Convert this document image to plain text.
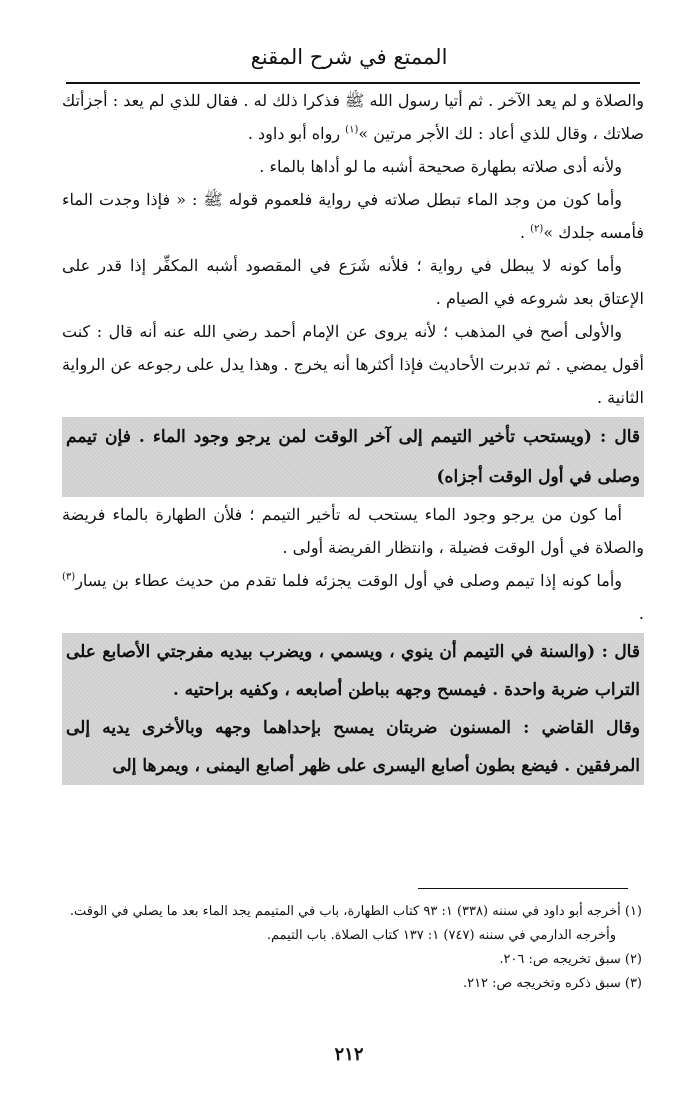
الممتع في شرح المقنع

والصلاة و لم يعد الآخر . ثم أتيا رسول الله ﷺ فذكرا ذلك له . فقال للذي لم يعد : أجزأتك صلاتك ، وقال للذي أعاد : لك الأجر مرتين »$^{(١)}$ رواه أبو داود .

ولأنه أدى صلاته بطهارة صحيحة أشبه ما لو أداها بالماء .

وأما كون من وجد الماء تبطل صلاته في رواية فلعموم قوله ﷺ : « فإذا وجدت الماء فأمسه جلدك »$^{(٢)}$ .

وأما كونه لا يبطل في رواية ؛ فلأنه شَرَع في المقصود أشبه المكفِّر إذا قدر على الإعتاق بعد شروعه في الصيام .

والأولى أصح في المذهب ؛ لأنه يروى عن الإمام أحمد رضي الله عنه أنه قال : كنت أقول يمضي . ثم تدبرت الأحاديث فإذا أكثرها أنه يخرج . وهذا يدل على رجوعه عن الرواية الثانية .

قال : (ويستحب تأخير التيمم إلى آخر الوقت لمن يرجو وجود الماء . فإن تيمم وصلى في أول الوقت أجزاه)

أما كون من يرجو وجود الماء يستحب له تأخير التيمم ؛ فلأن الطهارة بالماء فريضة والصلاة في أول الوقت فضيلة ، وانتظار الفريضة أولى .

وأما كونه إذا تيمم وصلى في أول الوقت يجزئه فلما تقدم من حديث عطاء بن يسار$^{(٣)}$ .

قال : (والسنة في التيمم أن ينوي ، ويسمي ، ويضرب بيديه مفرجتي الأصابع على التراب ضربة واحدة . فيمسح وجهه بباطن أصابعه ، وكفيه براحتيه .
وقال القاضي : المسنون ضربتان يمسح بإحداهما وجهه وبالأخرى يديه إلى المرفقين . فيضع بطون أصابع اليسرى على ظهر أصابع اليمنى ، ويمرها إلى

(١) أخرجه أبو داود في سننه (٣٣٨) ١: ٩٣ كتاب الطهارة، باب في المتيمم يجد الماء بعد ما يصلي في الوقت.

وأخرجه الدارمي في سننه (٧٤٧) ١: ١٣٧ كتاب الصلاة. باب التيمم.

(٢) سبق تخريجه ص: ٢٠٦.

(٣) سبق ذكره وتخريجه ص: ٢١٢.

٢١٢
